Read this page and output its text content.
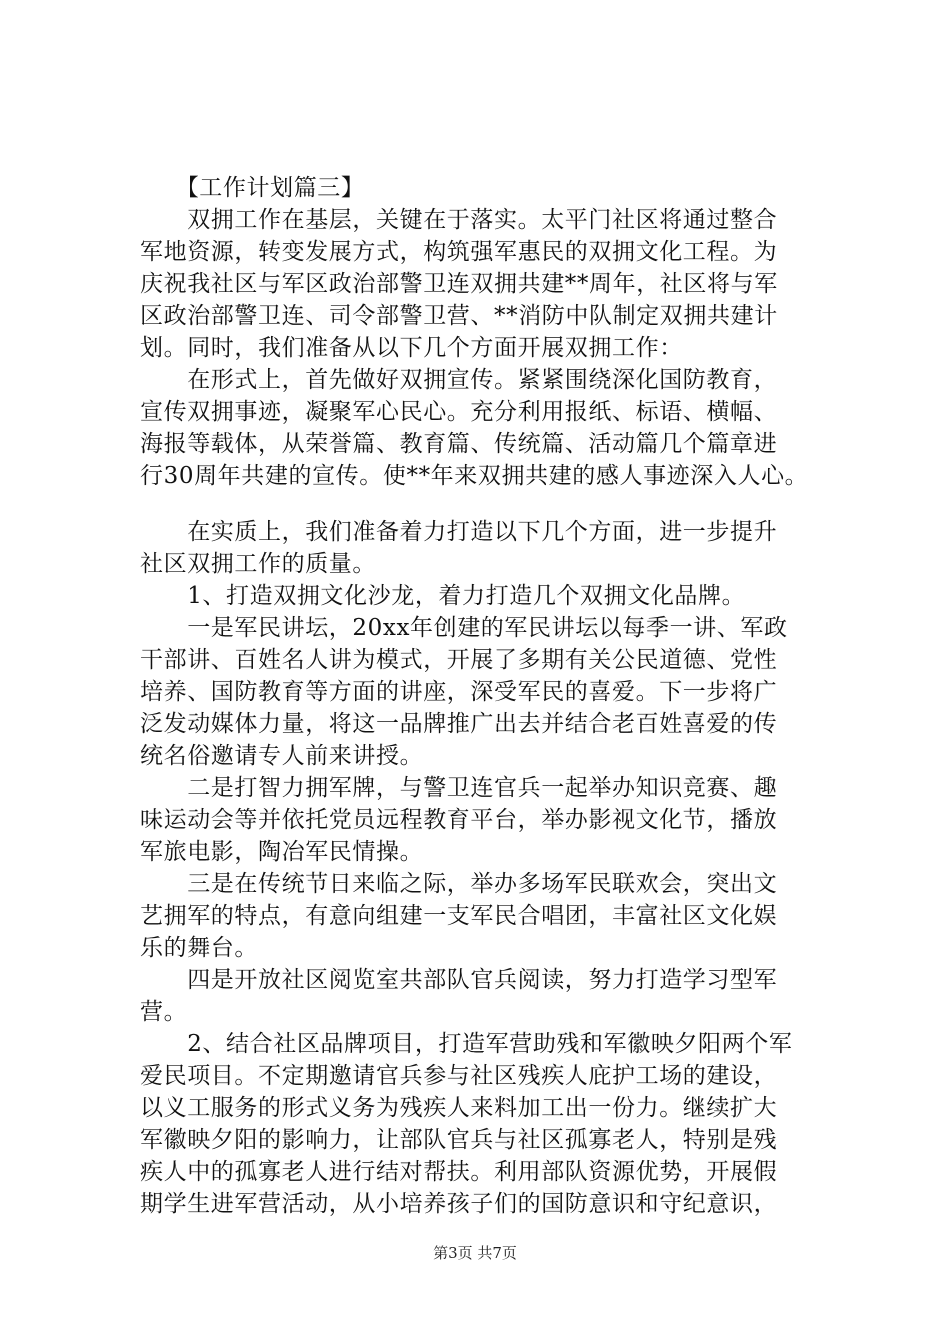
　　【工作计划篇三】
　　双拥工作在基层，关键在于落实。太平门社区将通过整合
军地资源，转变发展方式，构筑强军惠民的双拥文化工程。为
庆祝我社区与军区政治部警卫连双拥共建**周年，社区将与军
区政治部警卫连、司令部警卫营、**消防中队制定双拥共建计
划。同时，我们准备从以下几个方面开展双拥工作：
　　在形式上，首先做好双拥宣传。紧紧围绕深化国防教育，
宣传双拥事迹，凝聚军心民心。充分利用报纸、标语、横幅、
海报等载体，从荣誉篇、教育篇、传统篇、活动篇几个篇章进
行30周年共建的宣传。使**年来双拥共建的感人事迹深入人心。
　　在实质上，我们准备着力打造以下几个方面，进一步提升
社区双拥工作的质量。
　　1、打造双拥文化沙龙，着力打造几个双拥文化品牌。
　　一是军民讲坛，20xx年创建的军民讲坛以每季一讲、军政
干部讲、百姓名人讲为模式，开展了多期有关公民道德、党性
培养、国防教育等方面的讲座，深受军民的喜爱。下一步将广
泛发动媒体力量，将这一品牌推广出去并结合老百姓喜爱的传
统名俗邀请专人前来讲授。
　　二是打智力拥军牌，与警卫连官兵一起举办知识竞赛、趣
味运动会等并依托党员远程教育平台，举办影视文化节，播放
军旅电影，陶冶军民情操。
　　三是在传统节日来临之际，举办多场军民联欢会，突出文
艺拥军的特点，有意向组建一支军民合唱团，丰富社区文化娱
乐的舞台。
　　四是开放社区阅览室共部队官兵阅读，努力打造学习型军
营。
　　2、结合社区品牌项目，打造军营助残和军徽映夕阳两个军
爱民项目。不定期邀请官兵参与社区残疾人庇护工场的建设，
以义工服务的形式义务为残疾人来料加工出一份力。继续扩大
军徽映夕阳的影响力，让部队官兵与社区孤寡老人，特别是残
疾人中的孤寡老人进行结对帮扶。利用部队资源优势，开展假
期学生进军营活动，从小培养孩子们的国防意识和守纪意识，
第3页 共7页
